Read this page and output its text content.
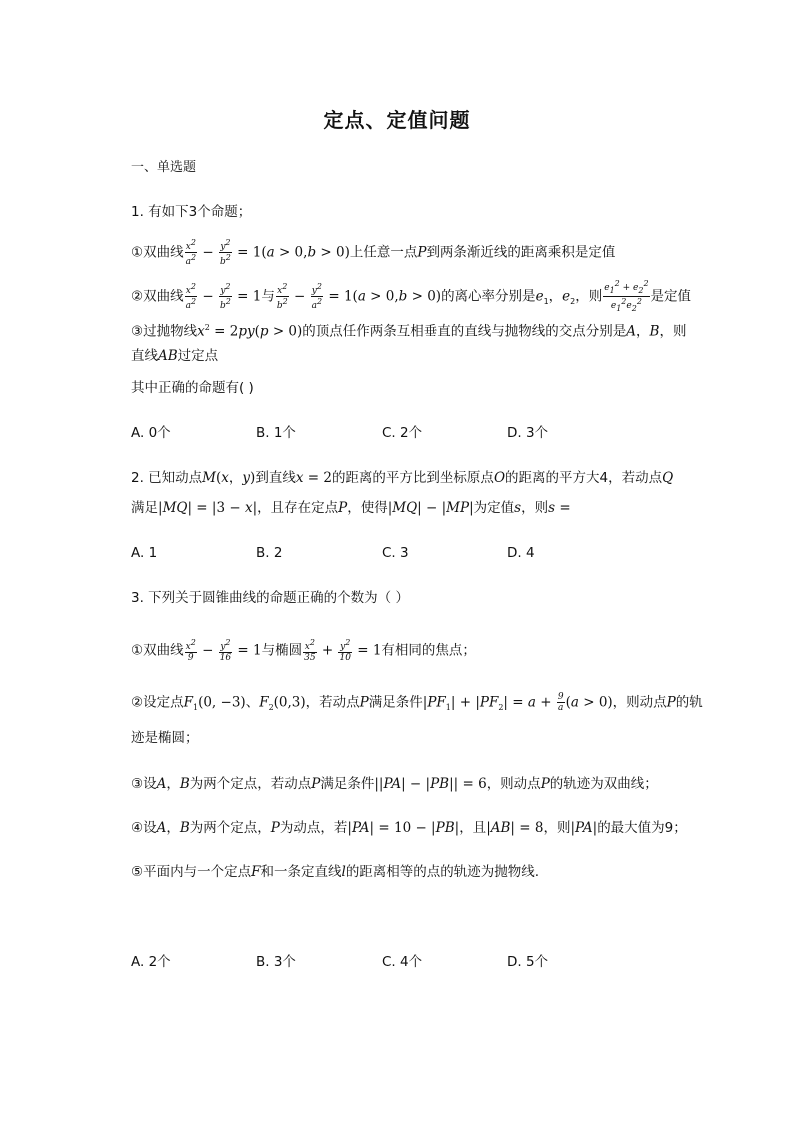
定点、定值问题
一、单选题
1. 有如下3个命题；
①双曲线 $\frac{x^2}{a^2} - \frac{y^2}{b^2} = 1(a > 0,b > 0)$上任意一点P到两条渐近线的距离乘积是定值
②双曲线 $\frac{x^2}{a^2} - \frac{y^2}{b^2} = 1$与 $\frac{x^2}{b^2} - \frac{y^2}{a^2} = 1(a > 0,b > 0)$的离心率分别是$e_1$，$e_2$，则 $\frac{e_1^2 + e_2^2}{e_1^2e_2^2}$ 是定值
③过抛物线$x^2 = 2py(p > 0)$的顶点任作两条互相垂直的直线与抛物线的交点分别是A，B，则
直线AB过定点
其中正确的命题有( )
A. 0个	B. 1个	C. 2个	D. 3个
2. 已知动点M(x，y)到直线x = 2的距离的平方比到坐标原点O的距离的平方大4，若动点Q
满足|MQ| = |3 − x|，且存在定点P，使得|MQ| − |MP|为定值s，则s =
A. 1	B. 2	C. 3	D. 4
3. 下列关于圆锥曲线的命题正确的个数为（ ）
①双曲线 $\frac{x^2}{9} - \frac{y^2}{16} = 1$与椭圆 $\frac{x^2}{35} + \frac{y^2}{10} = 1$有相同的焦点；
②设定点$F_1(0$, −3)、$F_2(0,3)$，若动点P满足条件$|PF_1| + |PF_2| = a + \frac{9}{a} (a > 0)$，则动点P的轨
迹是椭圆；
③设A，B为两个定点，若动点P满足条件||PA| − |PB|| = 6，则动点P的轨迹为双曲线；
④设A，B为两个定点，P为动点，若|PA| = 10 − |PB|，且|AB| = 8，则|PA|的最大值为9；
⑤平面内与一个定点F和一条定直线l的距离相等的点的轨迹为抛物线.
A. 2个	B. 3个	C. 4个	D. 5个
